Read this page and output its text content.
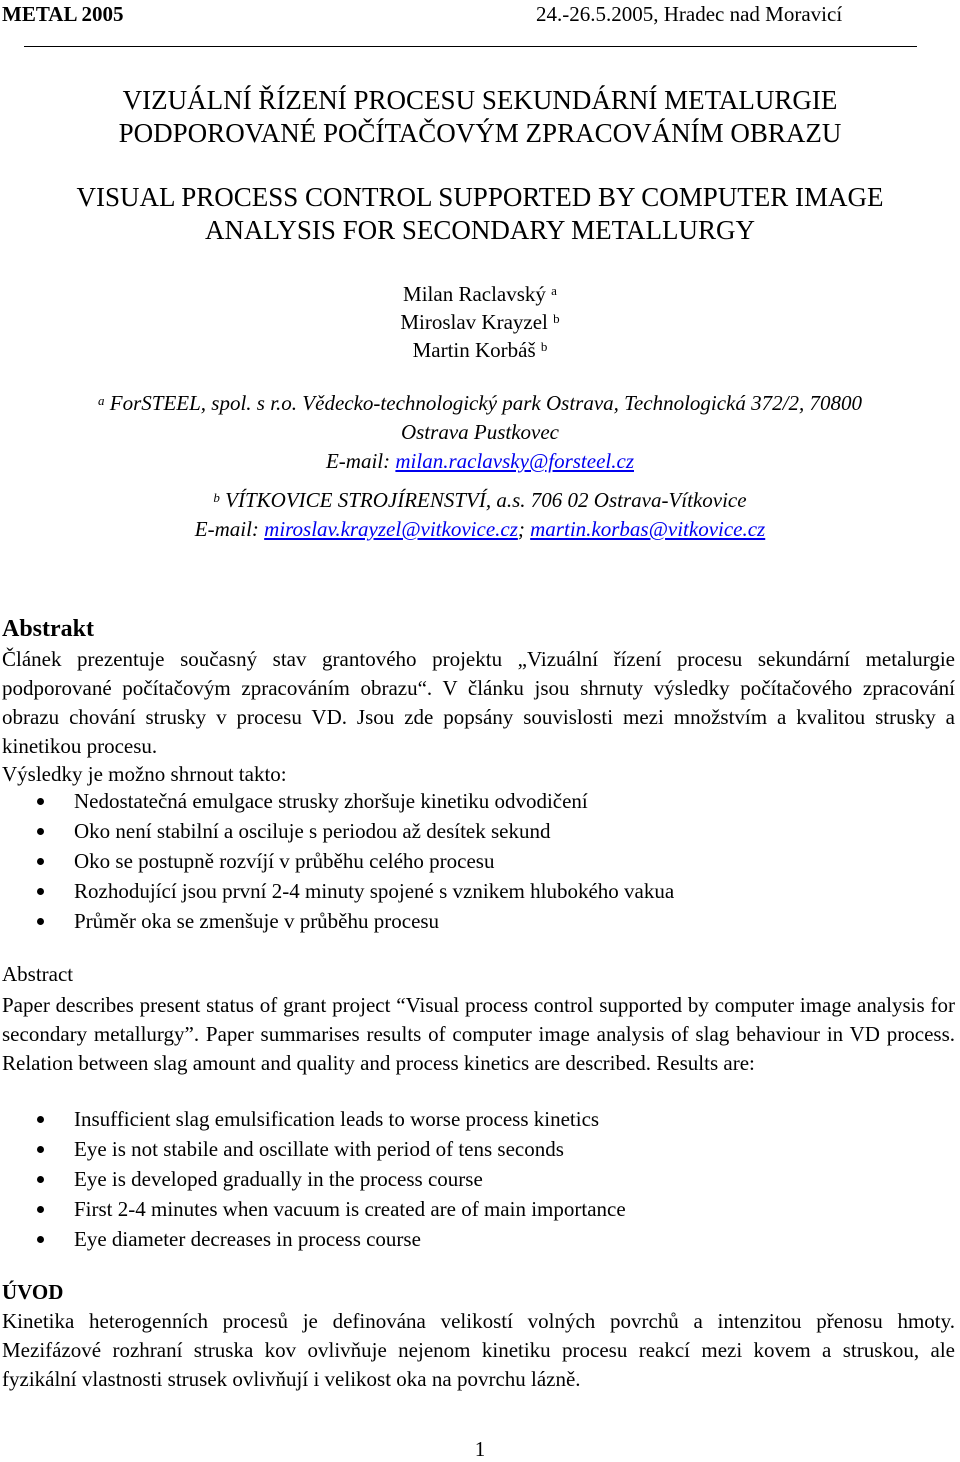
METAL 2005	24.-26.5.2005, Hradec nad Moravicí
VIZUÁLNÍ ŘÍZENÍ PROCESU SEKUNDÁRNÍ METALURGIE
PODPOROVANÉ POČÍTAČOVÝM ZPRACOVÁNÍM OBRAZU
VISUAL PROCESS CONTROL SUPPORTED BY COMPUTER IMAGE
ANALYSIS FOR SECONDARY METALLURGY
Milan Raclavský $^a$
Miroslav Krayzel $^b$
Martin Korbáš $^b$
$^a$ ForSTEEL, spol. s r.o. Vědecko-technologický park Ostrava, Technologická 372/2, 70800
Ostrava Pustkovec
E-mail: milan.raclavsky@forsteel.cz
$^b$ VÍTKOVICE STROJÍRENSTVÍ, a.s. 706 02 Ostrava-Vítkovice
E-mail: miroslav.krayzel@vitkovice.cz; martin.korbas@vitkovice.cz
Abstrakt
Článek prezentuje současný stav grantového projektu „Vizuální řízení procesu sekundární metalurgie podporované počítačovým zpracováním obrazu“. V článku jsou shrnuty výsledky počítačového zpracování obrazu chování strusky v procesu VD. Jsou zde popsány souvislosti mezi množstvím a kvalitou strusky a kinetikou procesu.
Výsledky je možno shrnout takto:
Nedostatečná emulgace strusky zhoršuje kinetiku odvodičení
Oko není stabilní a osciluje s periodou až desítek sekund
Oko se postupně rozvíjí v průběhu celého procesu
Rozhodující jsou první 2-4 minuty spojené s vznikem hlubokého vakua
Průměr oka se zmenšuje v průběhu procesu
Abstract
Paper describes present status of grant project “Visual process control supported by computer image analysis for secondary metallurgy”. Paper summarises results of computer image analysis of slag behaviour in VD process. Relation between slag amount and quality and process kinetics are described. Results are:
Insufficient slag emulsification leads to worse process kinetics
Eye is not stabile and oscillate with period of tens seconds
Eye is developed gradually in the process course
First 2-4 minutes when vacuum is created are of main importance
Eye diameter decreases in process course
ÚVOD
Kinetika heterogenních procesů je definována velikostí volných povrchů a intenzitou přenosu hmoty. Mezifázové rozhraní struska kov ovlivňuje nejenom kinetiku procesu reakcí mezi kovem a struskou, ale fyzikální vlastnosti strusek ovlivňují i velikost oka na povrchu lázně.
1
